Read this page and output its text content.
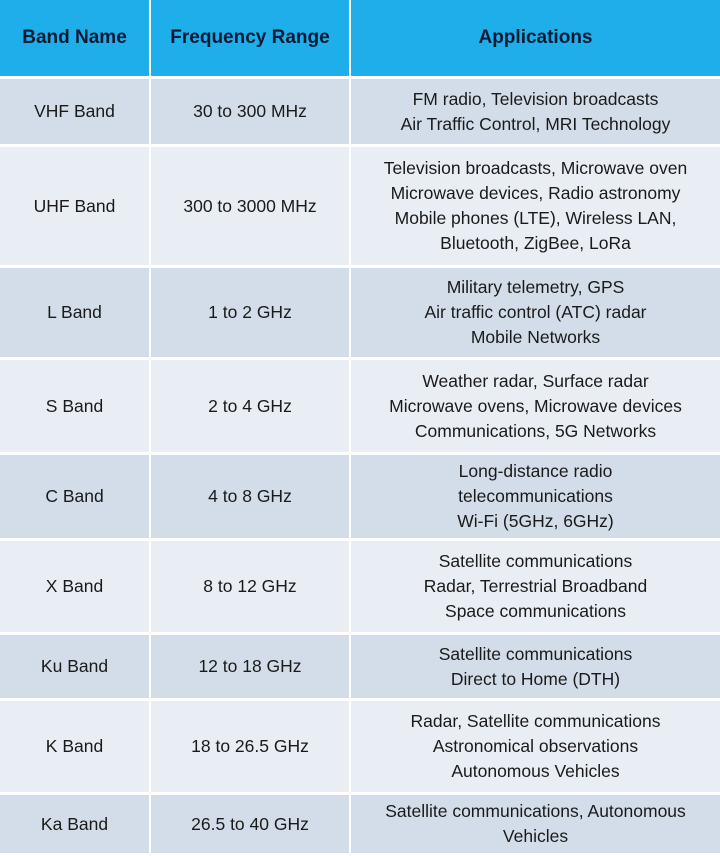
Band Name	Frequency Range	Applications
VHF Band	30 to 300 MHz	FM radio, Television broadcasts
Air Traffic Control, MRI Technology

UHF Band	300 to 3000 MHz	Television broadcasts, Microwave oven
Microwave devices, Radio astronomy
Mobile phones (LTE), Wireless LAN,
Bluetooth, ZigBee, LoRa

L Band	1 to 2 GHz	Military telemetry, GPS
Air traffic control (ATC) radar
Mobile Networks

S Band	2 to 4 GHz	Weather radar, Surface radar
Microwave ovens, Microwave devices
Communications, 5G Networks

C Band	4 to 8 GHz	Long-distance radio
telecommunications
Wi-Fi (5GHz, 6GHz)

X Band	8 to 12 GHz	Satellite communications
Radar, Terrestrial Broadband
Space communications

Ku Band	12 to 18 GHz	Satellite communications
Direct to Home (DTH)

K Band	18 to 26.5 GHz	Radar, Satellite communications
Astronomical observations
Autonomous Vehicles

Ka Band	26.5 to 40 GHz	Satellite communications, Autonomous
Vehicles
